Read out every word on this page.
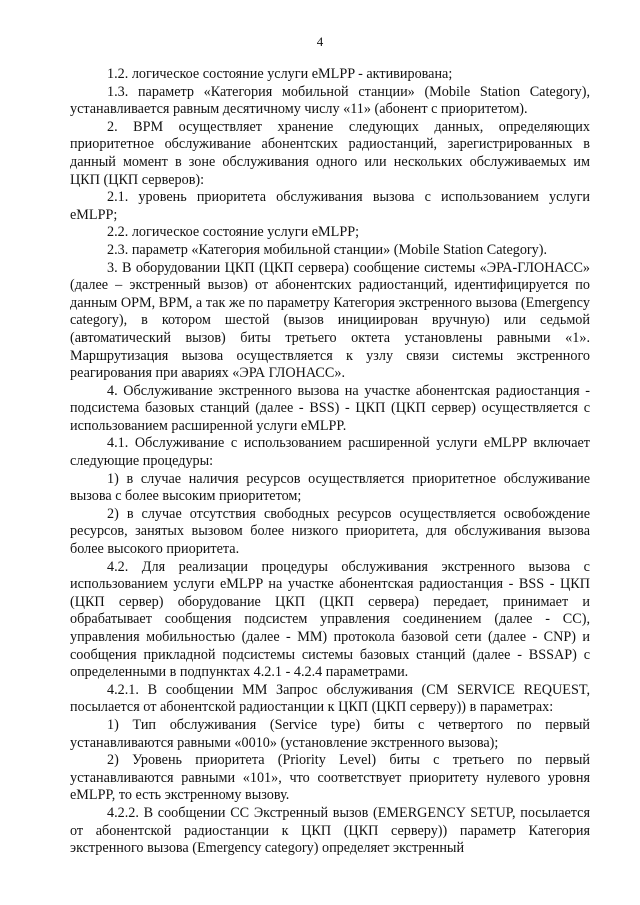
4

1.2. логическое состояние услуги eMLPP - активирована;

1.3. параметр «Категория мобильной станции» (Mobile Station Category), устанавливается равным десятичному числу «11» (абонент с приоритетом).

2. ВРМ осуществляет хранение следующих данных, определяющих приоритетное обслуживание абонентских радиостанций, зарегистрированных в данный момент в зоне обслуживания одного или нескольких обслуживаемых им ЦКП (ЦКП серверов):

2.1. уровень приоритета обслуживания вызова с использованием услуги eMLPP;

2.2. логическое состояние услуги eMLPP;

2.3. параметр «Категория мобильной станции» (Mobile Station Category).

3. В оборудовании ЦКП (ЦКП сервера) сообщение системы «ЭРА-ГЛОНАСС» (далее – экстренный вызов) от абонентских радиостанций, идентифицируется по данным ОРМ, ВРМ, а так же по параметру Категория экстренного вызова (Emergency category), в котором шестой (вызов инициирован вручную) или седьмой (автоматический вызов) биты третьего октета установлены равными «1». Маршрутизация вызова осуществляется к узлу связи системы экстренного реагирования при авариях «ЭРА ГЛОНАСС».

4. Обслуживание экстренного вызова на участке абонентская радиостанция - подсистема базовых станций (далее - BSS) - ЦКП (ЦКП сервер) осуществляется с использованием расширенной услуги eMLPP.

4.1. Обслуживание с использованием расширенной услуги eMLPP включает следующие процедуры:

1) в случае наличия ресурсов осуществляется приоритетное обслуживание вызова с более высоким приоритетом;

2) в случае отсутствия свободных ресурсов осуществляется освобождение ресурсов, занятых вызовом более низкого приоритета, для обслуживания вызова более высокого приоритета.

4.2. Для реализации процедуры обслуживания экстренного вызова с использованием услуги eMLPP на участке абонентская радиостанция - BSS - ЦКП (ЦКП сервер) оборудование ЦКП (ЦКП сервера) передает, принимает и обрабатывает сообщения подсистем управления соединением (далее - СС), управления мобильностью (далее - ММ) протокола базовой сети (далее - CNP) и сообщения прикладной подсистемы системы базовых станций (далее - BSSAP) с определенными в подпунктах 4.2.1 - 4.2.4 параметрами.

4.2.1. В сообщении ММ Запрос обслуживания (CM SERVICE REQUEST, посылается от абонентской радиостанции к ЦКП (ЦКП серверу)) в параметрах:

1) Тип обслуживания (Service type) биты с четвертого по первый устанавливаются равными «0010» (установление экстренного вызова);

2) Уровень приоритета (Priority Level) биты с третьего по первый устанавливаются равными «101», что соответствует приоритету нулевого уровня eMLPP, то есть экстренному вызову.

4.2.2. В сообщении СС Экстренный вызов (EMERGENCY SETUP, посылается от абонентской радиостанции к ЦКП (ЦКП серверу)) параметр Категория экстренного вызова (Emergency category) определяет экстренный
